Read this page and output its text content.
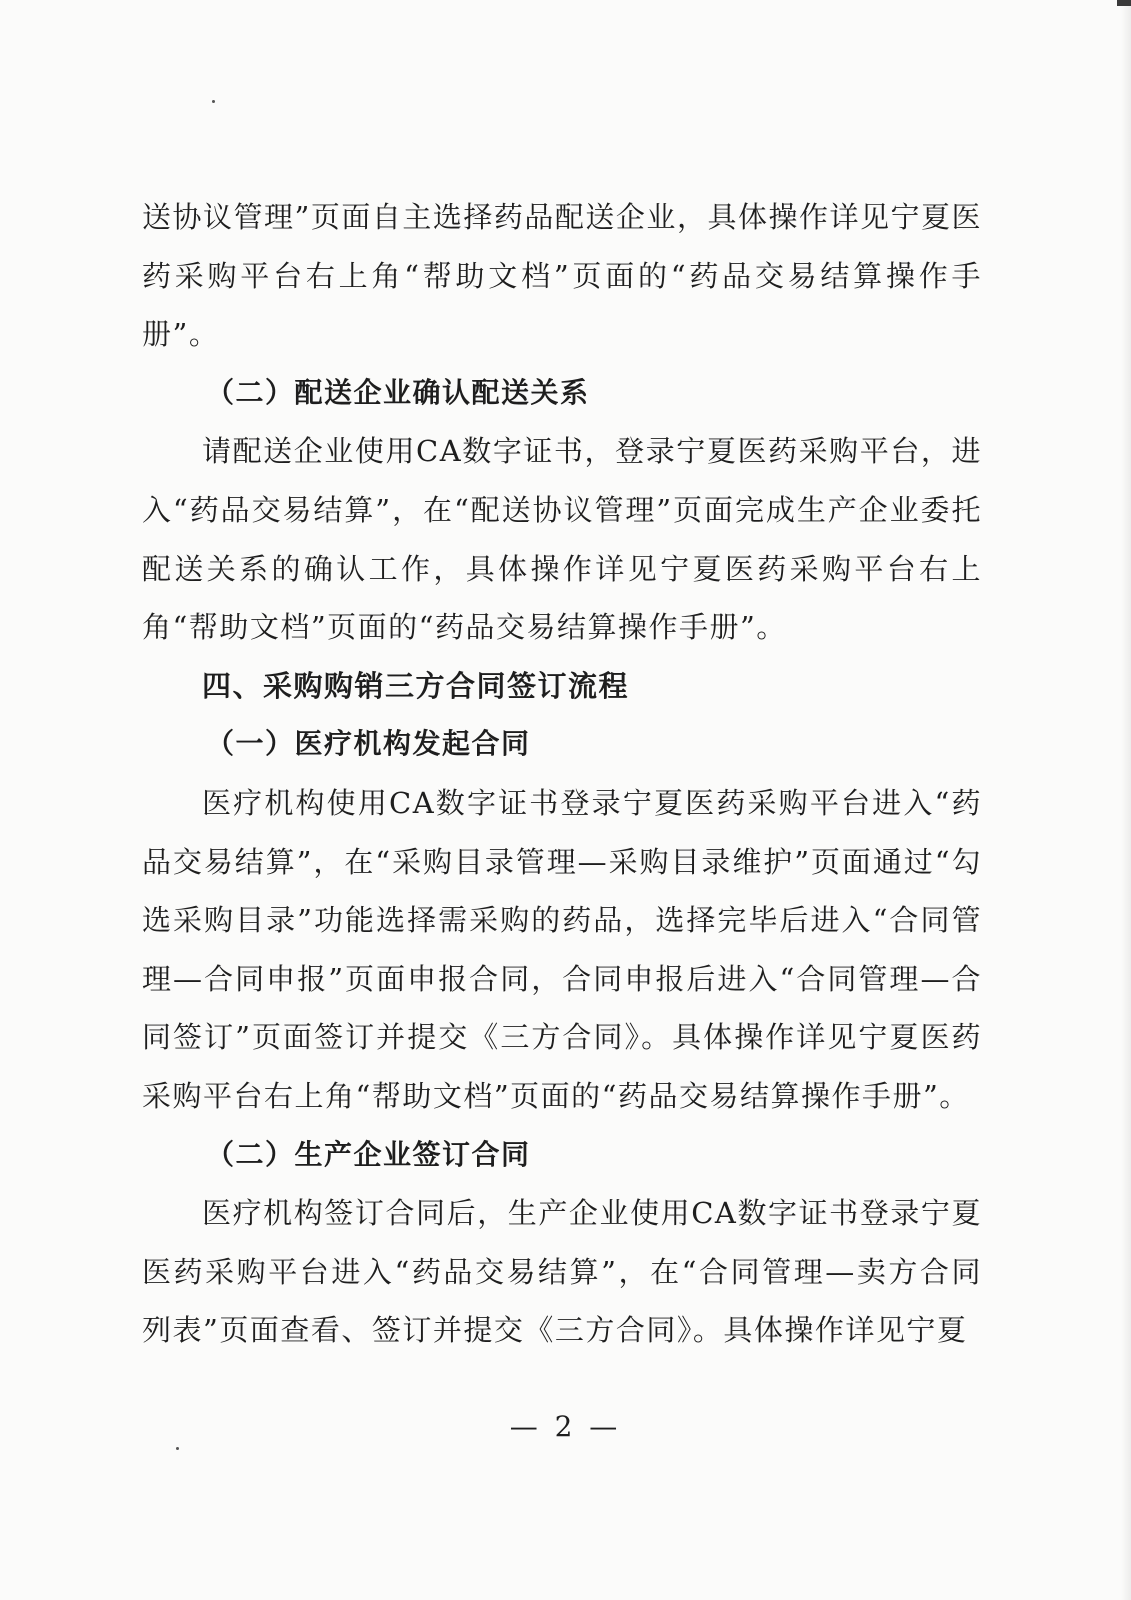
送协议管理”页面自主选择药品配送企业，具体操作详见宁夏医药采购平台右上角“帮助文档”页面的“药品交易结算操作手册”。

（二）配送企业确认配送关系

请配送企业使用CA数字证书，登录宁夏医药采购平台，进入“药品交易结算”，在“配送协议管理”页面完成生产企业委托配送关系的确认工作，具体操作详见宁夏医药采购平台右上角“帮助文档”页面的“药品交易结算操作手册”。

四、采购购销三方合同签订流程

（一）医疗机构发起合同

医疗机构使用CA数字证书登录宁夏医药采购平台进入“药品交易结算”，在“采购目录管理—采购目录维护”页面通过“勾选采购目录”功能选择需采购的药品，选择完毕后进入“合同管理—合同申报”页面申报合同，合同申报后进入“合同管理—合同签订”页面签订并提交《三方合同》。具体操作详见宁夏医药采购平台右上角“帮助文档”页面的“药品交易结算操作手册”。

（二）生产企业签订合同

医疗机构签订合同后，生产企业使用CA数字证书登录宁夏医药采购平台进入“药品交易结算”，在“合同管理—卖方合同列表”页面查看、签订并提交《三方合同》。具体操作详见宁夏

— 2 —
